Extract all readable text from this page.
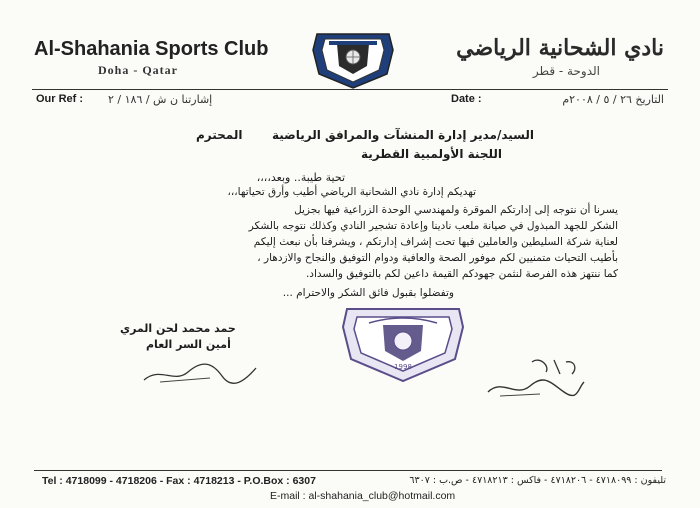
Al-Shahania Sports Club
Doha - Qatar
نادي الشحانية الرياضي
الدوحة - قطر
Our Ref : إشارتنا ن ش / ١٨٦ / ٢	Date :	التاريخ ٢٦ / ٥ / ٢٠٠٨م
السيد/مدير إدارة المنشآت والمرافق الرياضية
اللجنة الأولمبية القطرية
المحترم
تحية طيبة.. وبعد،،،،
تهديكم إدارة نادي الشحانية الرياضي أطيب وأرق تحياتها،،،
يسرنا أن نتوجه إلى إدارتكم الموقرة ولمهندسي الوحدة الزراعية فيها بجزيل
الشكر للجهد المبذول في صيانة ملعب نادينا وإعادة تشجير النادي وكذلك نتوجه بالشكر
لعناية شركة السليطين والعاملين فيها تحت إشراف إدارتكم ، ويشرفنا بأن نبعث إليكم
بأطيب التحيات متمنيين لكم موفور الصحة والعافية ودوام التوفيق والنجاح والازدهار ،
كما ننتهز هذه الفرصة لنثمن جهودكم القيمة داعين لكم بالتوفيق والسداد.
وتفضلوا بقبول فائق الشكر والاحترام ...
حمد محمد لحن المري
أمين السر العام
1998
Tel : 4718099 - 4718206 - Fax : 4718213 - P.O.Box : 6307	تليفون : ٤٧١٨٠٩٩ - ٤٧١٨٢٠٦ - فاكس : ٤٧١٨٢١٣ - ص.ب : ٦٣٠٧
E-mail : al-shahania_club@hotmail.com
